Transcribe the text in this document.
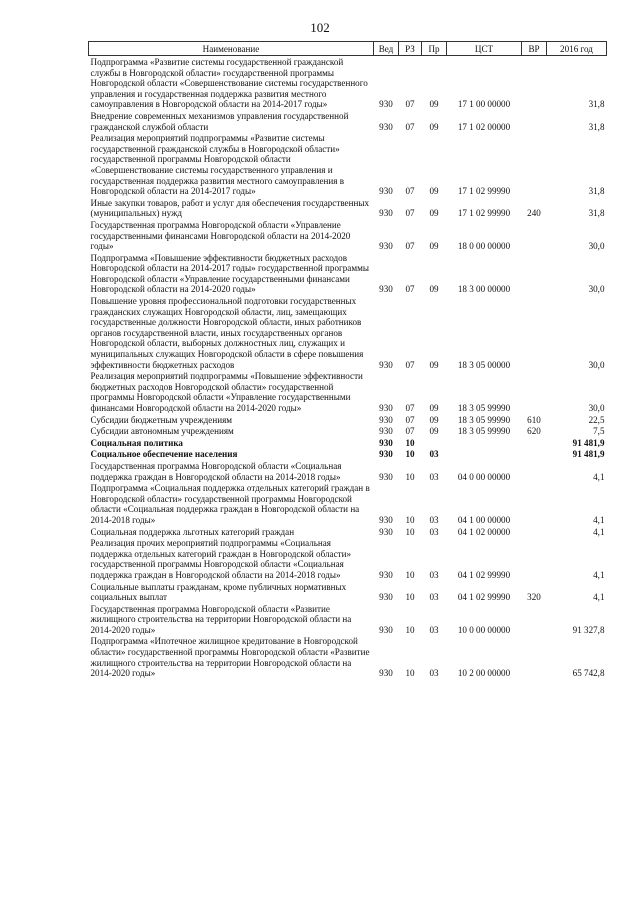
102
Наименование	Вед	РЗ	Пр	ЦСТ	ВР	2016 год
Подпрограмма «Развитие системы государственной гражданской службы в Новгородской области» государственной программы Новгородской области «Совершенствование системы государственного управления и государственная поддержка развития местного самоуправления в Новгородской области на 2014-2017 годы»	930	07	09	17 1 00 00000		31,8
Внедрение современных механизмов управления государственной гражданской службой области	930	07	09	17 1 02 00000		31,8
Реализация мероприятий подпрограммы «Развитие системы государственной гражданской службы в Новгородской области» государственной программы Новгородской области «Совершенствование системы государственного управления и государственная поддержка развития местного самоуправления в Новгородской области на 2014-2017 годы»	930	07	09	17 1 02 99990		31,8
Иные закупки товаров, работ и услуг для обеспечения государственных (муниципальных) нужд	930	07	09	17 1 02 99990	240	31,8
Государственная программа Новгородской области «Управление государственными финансами Новгородской области на 2014-2020 годы»	930	07	09	18 0 00 00000		30,0
Подпрограмма «Повышение эффективности бюджетных расходов Новгородской области на 2014-2017 годы» государственной программы Новгородской области «Управление государственными финансами Новгородской области на 2014-2020 годы»	930	07	09	18 3 00 00000		30,0
Повышение уровня профессиональной подготовки государственных гражданских служащих Новгородской области, лиц, замещающих государственные должности Новгородской области, иных работников органов государственной власти, иных государственных органов Новгородской области, выборных должностных лиц, служащих и муниципальных служащих Новгородской области в сфере повышения эффективности бюджетных расходов	930	07	09	18 3 05 00000		30,0
Реализация мероприятий подпрограммы «Повышение эффективности бюджетных расходов Новгородской области» государственной программы Новгородской области «Управление государственными финансами Новгородской области на 2014-2020 годы»	930	07	09	18 3 05 99990		30,0
Субсидии бюджетным учреждениям	930	07	09	18 3 05 99990	610	22,5
Субсидии автономным учреждениям	930	07	09	18 3 05 99990	620	7,5
Социальная политика	930	10				91 481,9
Социальное обеспечение населения	930	10	03			91 481,9
Государственная программа Новгородской области «Социальная поддержка граждан в Новгородской области на 2014-2018 годы»	930	10	03	04 0 00 00000		4,1
Подпрограмма «Социальная поддержка отдельных категорий граждан в Новгородской области» государственной программы Новгородской области «Социальная поддержка граждан в Новгородской области на 2014-2018 годы»	930	10	03	04 1 00 00000		4,1
Социальная поддержка льготных категорий граждан	930	10	03	04 1 02 00000		4,1
Реализация прочих мероприятий подпрограммы «Социальная поддержка отдельных категорий граждан в Новгородской области» государственной программы Новгородской области «Социальная поддержка граждан в Новгородской области на 2014-2018 годы»	930	10	03	04 1 02 99990		4,1
Социальные выплаты гражданам, кроме публичных нормативных социальных выплат	930	10	03	04 1 02 99990	320	4,1
Государственная программа Новгородской области «Развитие жилищного строительства на территории Новгородской области на 2014-2020 годы»	930	10	03	10 0 00 00000		91 327,8
Подпрограмма «Ипотечное жилищное кредитование в Новгородской области» государственной программы Новгородской области «Развитие жилищного строительства на территории Новгородской области на 2014-2020 годы»	930	10	03	10 2 00 00000		65 742,8
